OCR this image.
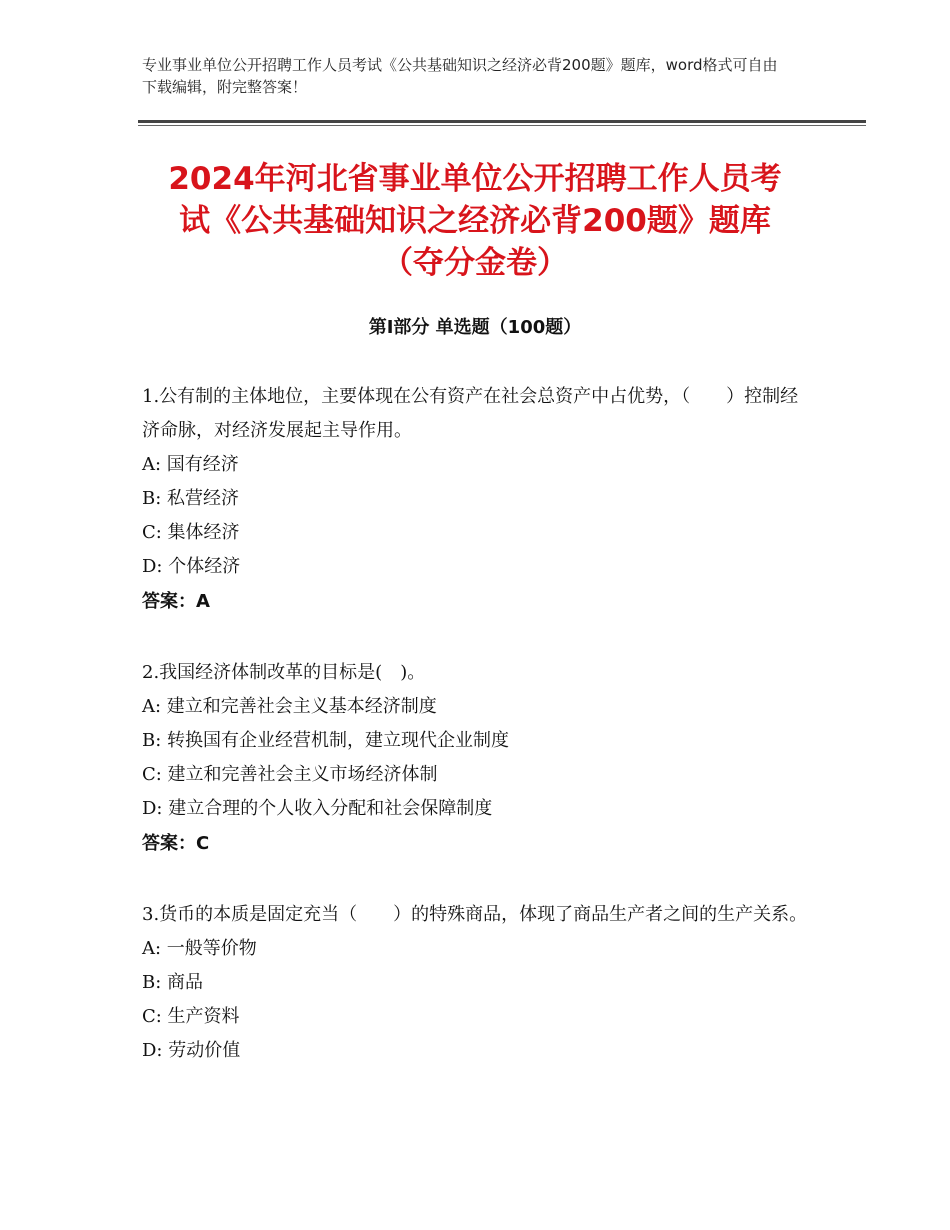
专业事业单位公开招聘工作人员考试《公共基础知识之经济必背200题》题库，word格式可自由下载编辑，附完整答案！
2024年河北省事业单位公开招聘工作人员考
试《公共基础知识之经济必背200题》题库
（夺分金卷）
第Ⅰ部分 单选题（100题）

1.公有制的主体地位，主要体现在公有资产在社会总资产中占优势，（　　）控制经济命脉，对经济发展起主导作用。

A: 国有经济

B: 私营经济

C: 集体经济

D: 个体经济

答案：A

2.我国经济体制改革的目标是(　)。

A: 建立和完善社会主义基本经济制度

B: 转换国有企业经营机制，建立现代企业制度

C: 建立和完善社会主义市场经济体制

D: 建立合理的个人收入分配和社会保障制度

答案：C

3.货币的本质是固定充当（　　）的特殊商品，体现了商品生产者之间的生产关系。

A: 一般等价物

B: 商品

C: 生产资料

D: 劳动价值
